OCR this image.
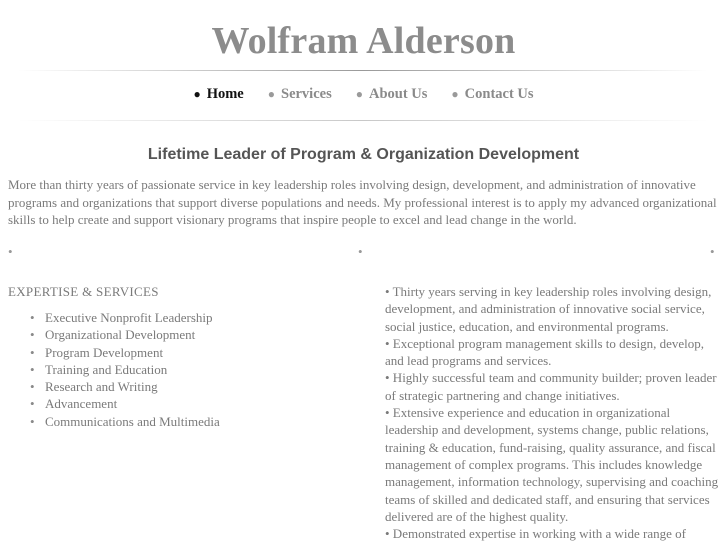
Wolfram Alderson
● Home ● Services ● About Us ● Contact Us
Lifetime Leader of Program & Organization Development

More than thirty years of passionate service in key leadership roles involving design, development, and administration of innovative programs and organizations that support diverse populations and needs. My professional interest is to apply my advanced organizational skills to help create and support visionary programs that inspire people to excel and lead change in the world.

•	•	•
EXPERTISE & SERVICES
• Executive Nonprofit Leadership
• Organizational Development
• Program Development
• Training and Education
• Research and Writing
• Advancement
• Communications and Multimedia

• Thirty years serving in key leadership roles involving design, development, and administration of innovative social service, social justice, education, and environmental programs.

• Exceptional program management skills to design, develop, and lead programs and services.

• Highly successful team and community builder; proven leader of strategic partnering and change initiatives.

• Extensive experience and education in organizational leadership and development, systems change, public relations, training & education, fund-raising, quality assurance, and fiscal management of complex programs. This includes knowledge management, information technology, supervising and coaching teams of skilled and dedicated staff, and ensuring that services delivered are of the highest quality.

• Demonstrated expertise in working with a wide range of
